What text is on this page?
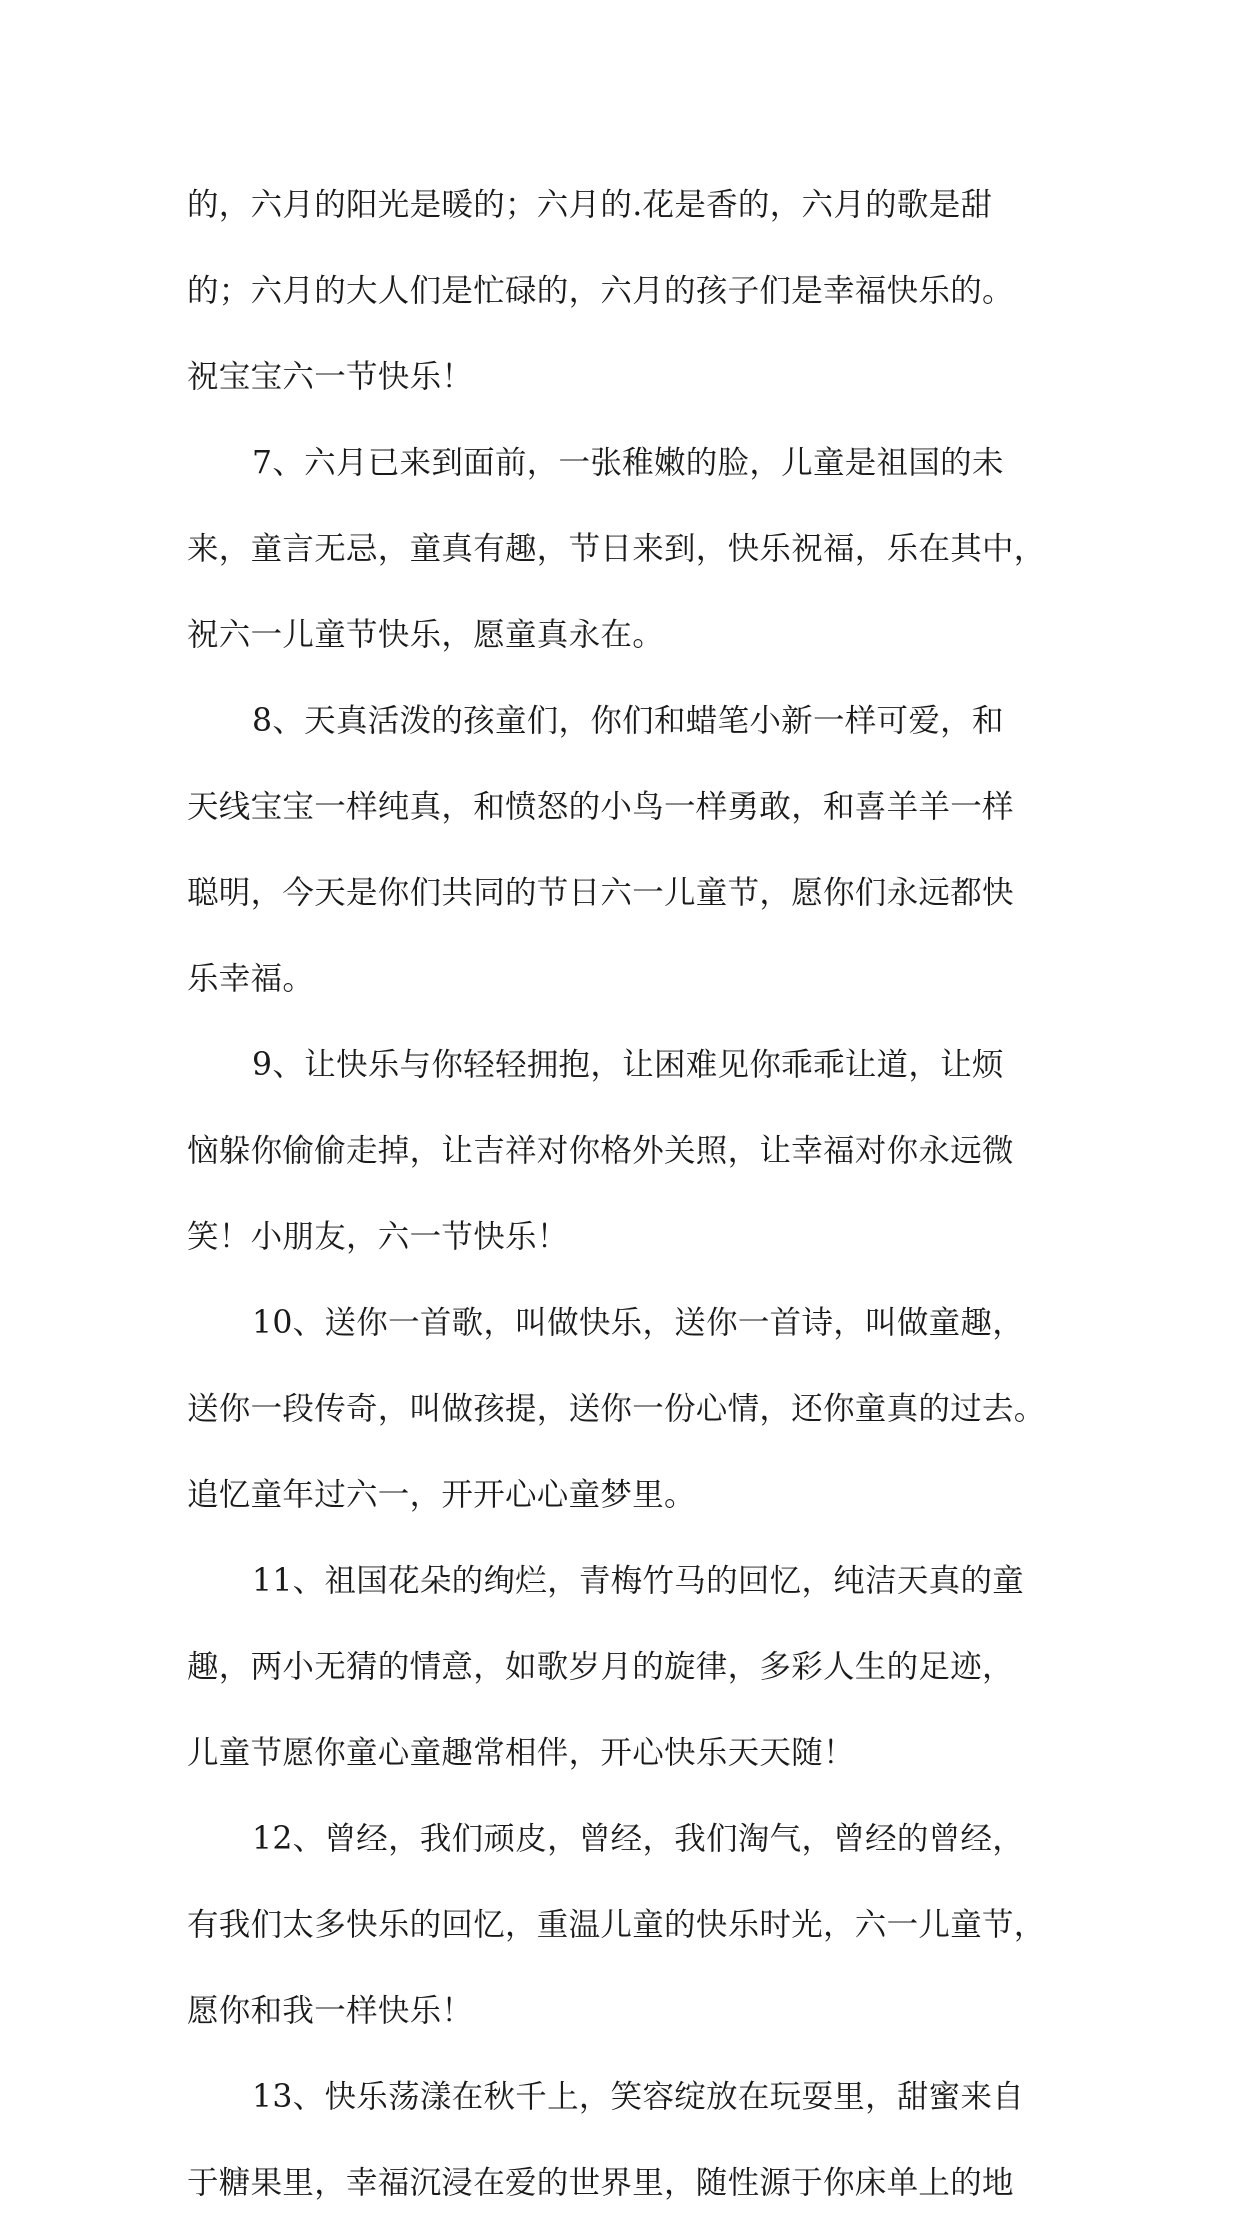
的，六月的阳光是暖的；六月的.花是香的，六月的歌是甜
的；六月的大人们是忙碌的，六月的孩子们是幸福快乐的。
祝宝宝六一节快乐！
7、六月已来到面前，一张稚嫩的脸，儿童是祖国的未
来，童言无忌，童真有趣，节日来到，快乐祝福，乐在其中，
祝六一儿童节快乐，愿童真永在。
8、天真活泼的孩童们，你们和蜡笔小新一样可爱，和
天线宝宝一样纯真，和愤怒的小鸟一样勇敢，和喜羊羊一样
聪明，今天是你们共同的节日六一儿童节，愿你们永远都快
乐幸福。
9、让快乐与你轻轻拥抱，让困难见你乖乖让道，让烦
恼躲你偷偷走掉，让吉祥对你格外关照，让幸福对你永远微
笑！小朋友，六一节快乐！
10、送你一首歌，叫做快乐，送你一首诗，叫做童趣，
送你一段传奇，叫做孩提，送你一份心情，还你童真的过去。
追忆童年过六一，开开心心童梦里。
11、祖国花朵的绚烂，青梅竹马的回忆，纯洁天真的童
趣，两小无猜的情意，如歌岁月的旋律，多彩人生的足迹，
儿童节愿你童心童趣常相伴，开心快乐天天随！
12、曾经，我们顽皮，曾经，我们淘气，曾经的曾经，
有我们太多快乐的回忆，重温儿童的快乐时光，六一儿童节，
愿你和我一样快乐！
13、快乐荡漾在秋千上，笑容绽放在玩耍里，甜蜜来自
于糖果里，幸福沉浸在爱的世界里，随性源于你床单上的地
